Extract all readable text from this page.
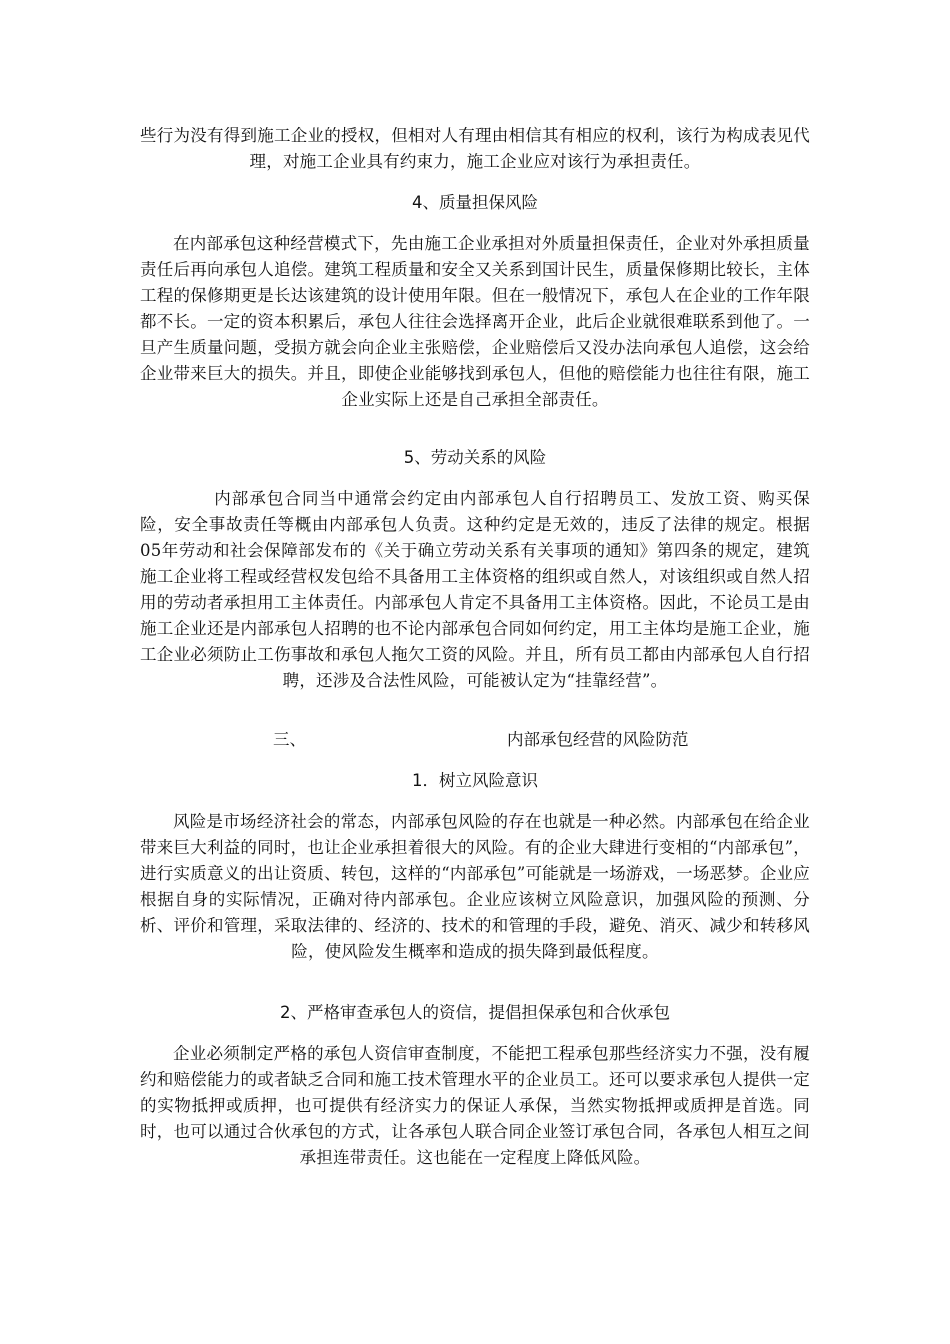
些行为没有得到施工企业的授权，但相对人有理由相信其有相应的权利，该行为构成表见代理，对施工企业具有约束力，施工企业应对该行为承担责任。

4、质量担保风险

在内部承包这种经营模式下，先由施工企业承担对外质量担保责任，企业对外承担质量责任后再向承包人追偿。建筑工程质量和安全又关系到国计民生，质量保修期比较长，主体工程的保修期更是长达该建筑的设计使用年限。但在一般情况下，承包人在企业的工作年限都不长。一定的资本积累后，承包人往往会选择离开企业，此后企业就很难联系到他了。一旦产生质量问题，受损方就会向企业主张赔偿，企业赔偿后又没办法向承包人追偿，这会给企业带来巨大的损失。并且，即使企业能够找到承包人，但他的赔偿能力也往往有限，施工企业实际上还是自己承担全部责任。

5、劳动关系的风险

内部承包合同当中通常会约定由内部承包人自行招聘员工、发放工资、购买保险，安全事故责任等概由内部承包人负责。这种约定是无效的，违反了法律的规定。根据05年劳动和社会保障部发布的《关于确立劳动关系有关事项的通知》第四条的规定，建筑施工企业将工程或经营权发包给不具备用工主体资格的组织或自然人，对该组织或自然人招用的劳动者承担用工主体责任。内部承包人肯定不具备用工主体资格。因此，不论员工是由施工企业还是内部承包人招聘的也不论内部承包合同如何约定，用工主体均是施工企业，施工企业必须防止工伤事故和承包人拖欠工资的风险。并且，所有员工都由内部承包人自行招聘，还涉及合法性风险，可能被认定为“挂靠经营”。

三、	内部承包经营的风险防范

1．树立风险意识

风险是市场经济社会的常态，内部承包风险的存在也就是一种必然。内部承包在给企业带来巨大利益的同时，也让企业承担着很大的风险。有的企业大肆进行变相的“内部承包”，进行实质意义的出让资质、转包，这样的“内部承包”可能就是一场游戏，一场恶梦。企业应根据自身的实际情况，正确对待内部承包。企业应该树立风险意识，加强风险的预测、分析、评价和管理，采取法律的、经济的、技术的和管理的手段，避免、消灭、减少和转移风险，使风险发生概率和造成的损失降到最低程度。

2、严格审查承包人的资信，提倡担保承包和合伙承包

企业必须制定严格的承包人资信审查制度，不能把工程承包那些经济实力不强，没有履约和赔偿能力的或者缺乏合同和施工技术管理水平的企业员工。还可以要求承包人提供一定的实物抵押或质押，也可提供有经济实力的保证人承保，当然实物抵押或质押是首选。同时，也可以通过合伙承包的方式，让各承包人联合同企业签订承包合同，各承包人相互之间承担连带责任。这也能在一定程度上降低风险。
